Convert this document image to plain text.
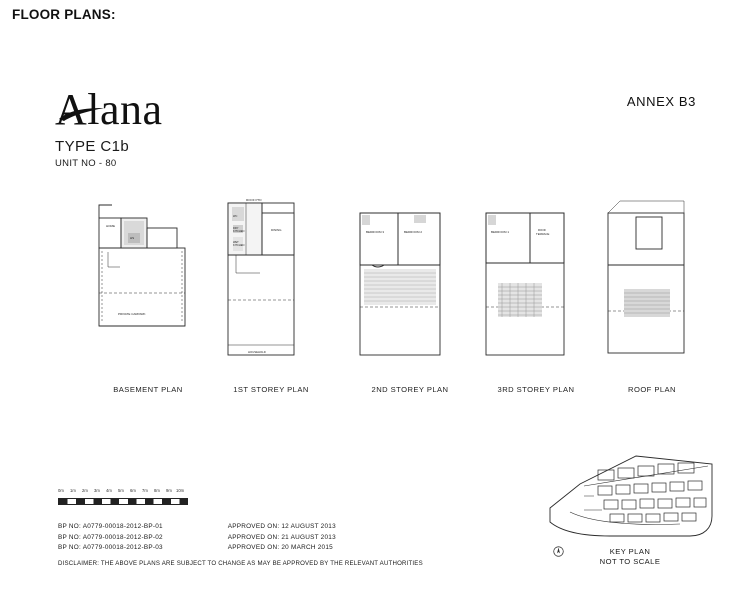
FLOOR PLANS:
Alana
TYPE C1b
UNIT NO - 80
ANNEX B3
HOME
HS
PRIVATE CARPARK
BASEMENT PLAN
ROOF PTD
WC
DRY
KITCHEN
WET
KITCHEN
DINING
HOUSEHOLD
1ST STOREY PLAN
BEDROOM 3	BEDROOM 2
2ND STOREY PLAN
BEDROOM 1	ROOF
TERRACE
3RD STOREY PLAN	ROOF PLAN
0m 1m 2m 3m 4m 5m 6m 7m 8m 9m 10m
BP NO: A0779-00018-2012-BP-01	APPROVED ON: 12 AUGUST 2013
BP NO: A0779-00018-2012-BP-02	APPROVED ON: 21 AUGUST 2013
BP NO: A0779-00018-2012-BP-03	APPROVED ON: 20 MARCH 2015
DISCLAIMER: THE ABOVE PLANS ARE SUBJECT TO CHANGE AS MAY BE APPROVED BY THE RELEVANT AUTHORITIES
KEY PLAN
NOT TO SCALE
